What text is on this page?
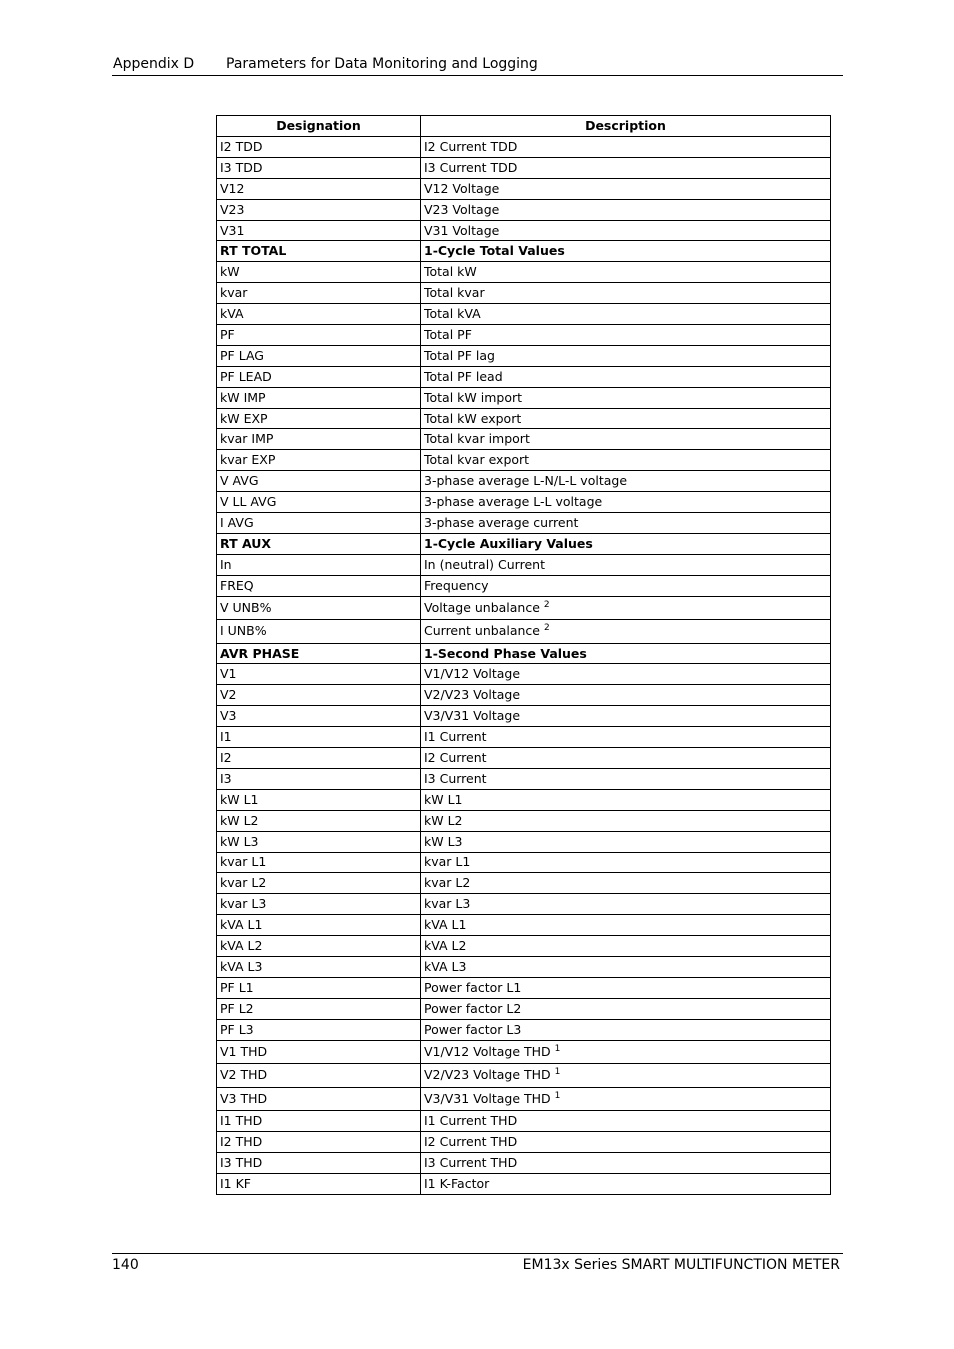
Appendix D Parameters for Data Monitoring and Logging
Designation	Description
I2 TDD	I2 Current TDD
I3 TDD	I3 Current TDD
V12	V12 Voltage
V23	V23 Voltage
V31	V31 Voltage
RT TOTAL	1-Cycle Total Values
kW	Total kW
kvar	Total kvar
kVA	Total kVA
PF	Total PF
PF LAG	Total PF lag
PF LEAD	Total PF lead
kW IMP	Total kW import
kW EXP	Total kW export
kvar IMP	Total kvar import
kvar EXP	Total kvar export
V AVG	3-phase average L-N/L-L voltage
V LL AVG	3-phase average L-L voltage
I AVG	3-phase average current
RT AUX	1-Cycle Auxiliary Values
In	In (neutral) Current
FREQ	Frequency
V UNB%	Voltage unbalance $^2$
I UNB%	Current unbalance $^2$
AVR PHASE	1-Second Phase Values
V1	V1/V12 Voltage
V2	V2/V23 Voltage
V3	V3/V31 Voltage
I1	I1 Current
I2	I2 Current
I3	I3 Current
kW L1	kW L1
kW L2	kW L2
kW L3	kW L3
kvar L1	kvar L1
kvar L2	kvar L2
kvar L3	kvar L3
kVA L1	kVA L1
kVA L2	kVA L2
kVA L3	kVA L3
PF L1	Power factor L1
PF L2	Power factor L2
PF L3	Power factor L3
V1 THD	V1/V12 Voltage THD $^1$
V2 THD	V2/V23 Voltage THD $^1$
V3 THD	V3/V31 Voltage THD $^1$
I1 THD	I1 Current THD
I2 THD	I2 Current THD
I3 THD	I3 Current THD
I1 KF	I1 K-Factor
140	EM13x Series SMART MULTIFUNCTION METER
